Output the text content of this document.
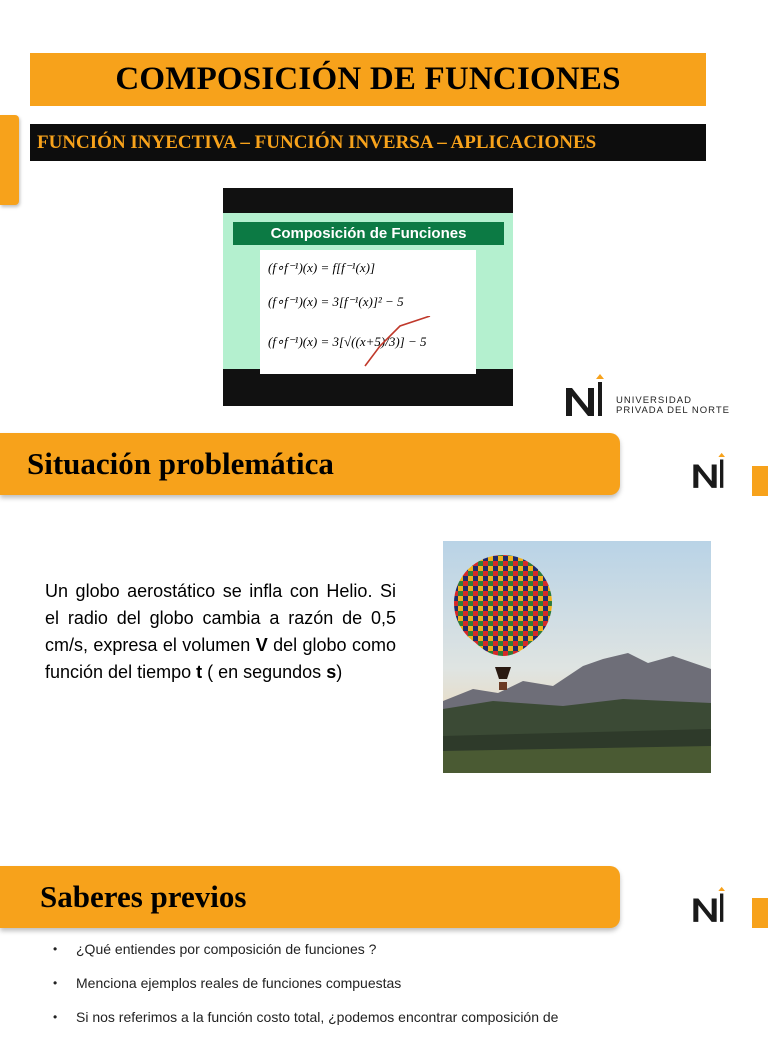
COMPOSICIÓN DE FUNCIONES
FUNCIÓN INYECTIVA – FUNCIÓN INVERSA – APLICACIONES
Composición de Funciones
(f∘f⁻¹)(x) = f[f⁻¹(x)]
(f∘f⁻¹)(x) = 3[f⁻¹(x)]² − 5
(f∘f⁻¹)(x) = 3[√((x+5)/3)] − 5
UNIVERSIDAD
PRIVADA DEL NORTE
Situación problemática
Un globo aerostático se infla con Helio. Si el radio del globo cambia a razón de 0,5 cm/s, expresa el volumen V del globo como función del tiempo t ( en segundos s)
Saberes previos
• ¿Qué entiendes por composición de funciones ?
• Menciona ejemplos reales de funciones compuestas
• Si nos referimos a la función costo total, ¿podemos encontrar composición de
